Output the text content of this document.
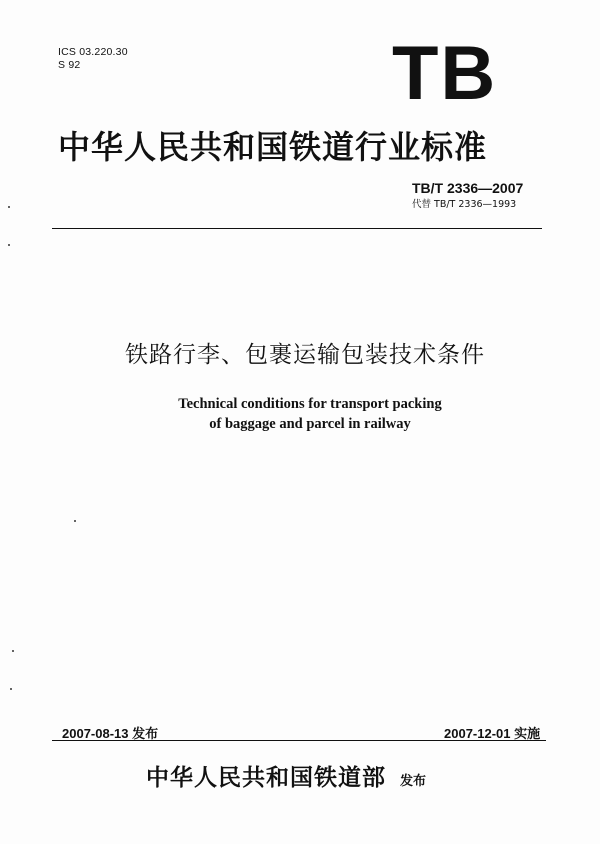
ICS 03.220.30
S 92	TB
中华人民共和国铁道行业标准
TB/T 2336—2007
代替 TB/T 2336—1993
铁路行李、包裹运输包装技术条件
Technical conditions for transport packing
of baggage and parcel in railway
2007-08-13 发布	2007-12-01 实施
中华人民共和国铁道部 发布
